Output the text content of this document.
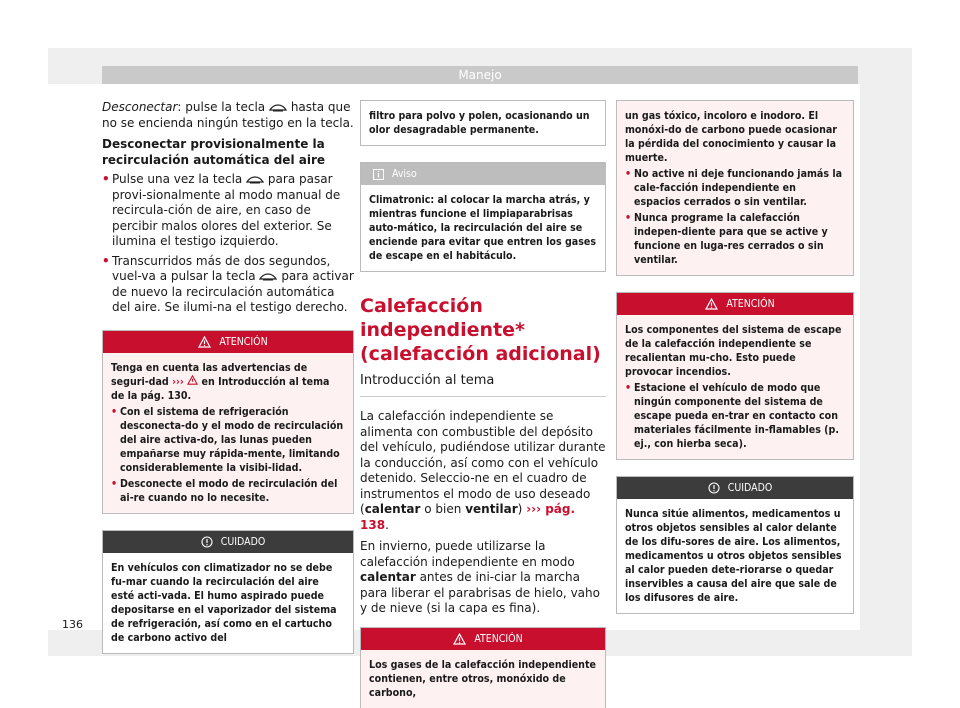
Manejo

Desconectar: pulse la tecla hasta que no se encienda ningún testigo en la tecla.

Desconectar provisionalmente la recirculación automática del aire

• Pulse una vez la tecla para pasar provi-sionalmente al modo manual de recircula-ción de aire, en caso de percibir malos olores del exterior. Se ilumina el testigo izquierdo.
• Transcurridos más de dos segundos, vuel-va a pulsar la tecla para activar de nuevo la recirculación automática del aire. Se ilumi-na el testigo derecho.
ATENCIÓN
Tenga en cuenta las advertencias de seguri-dad ››› en Introducción al tema de la pág. 130.
• Con el sistema de refrigeración desconecta-do y el modo de recirculación del aire activa-do, las lunas pueden empañarse muy rápida-mente, limitando considerablemente la visibi-lidad.
• Desconecte el modo de recirculación del ai-re cuando no lo necesite.
CUIDADO
En vehículos con climatizador no se debe fu-mar cuando la recirculación del aire esté acti-vada. El humo aspirado puede depositarse en el vaporizador del sistema de refrigeración, así como en el cartucho de carbono activo del
filtro para polvo y polen, ocasionando un olor desagradable permanente.
Aviso
Climatronic: al colocar la marcha atrás, y mientras funcione el limpiaparabrisas auto-mático, la recirculación del aire se enciende para evitar que entren los gases de escape en el habitáculo.
Calefacción independiente* (calefacción adicional)
Introducción al tema

La calefacción independiente se alimenta con combustible del depósito del vehículo, pudiéndose utilizar durante la conducción, así como con el vehículo detenido. Seleccio-ne en el cuadro de instrumentos el modo de uso deseado (calentar o bien ventilar) ››› pág. 138.

En invierno, puede utilizarse la calefacción independiente en modo calentar antes de ini-ciar la marcha para liberar el parabrisas de hielo, vaho y de nieve (si la capa es fina).

ATENCIÓN
Los gases de la calefacción independiente contienen, entre otros, monóxido de carbono,
un gas tóxico, incoloro e inodoro. El monóxi-do de carbono puede ocasionar la pérdida del conocimiento y causar la muerte.
• No active ni deje funcionando jamás la cale-facción independiente en espacios cerrados o sin ventilar.
• Nunca programe la calefacción indepen-diente para que se active y funcione en luga-res cerrados o sin ventilar.
ATENCIÓN
Los componentes del sistema de escape de la calefacción independiente se recalientan mu-cho. Esto puede provocar incendios.
• Estacione el vehículo de modo que ningún componente del sistema de escape pueda en-trar en contacto con materiales fácilmente in-flamables (p. ej., con hierba seca).
CUIDADO
Nunca sitúe alimentos, medicamentos u otros objetos sensibles al calor delante de los difu-sores de aire. Los alimentos, medicamentos u otros objetos sensibles al calor pueden dete-riorarse o quedar inservibles a causa del aire que sale de los difusores de aire.
136
